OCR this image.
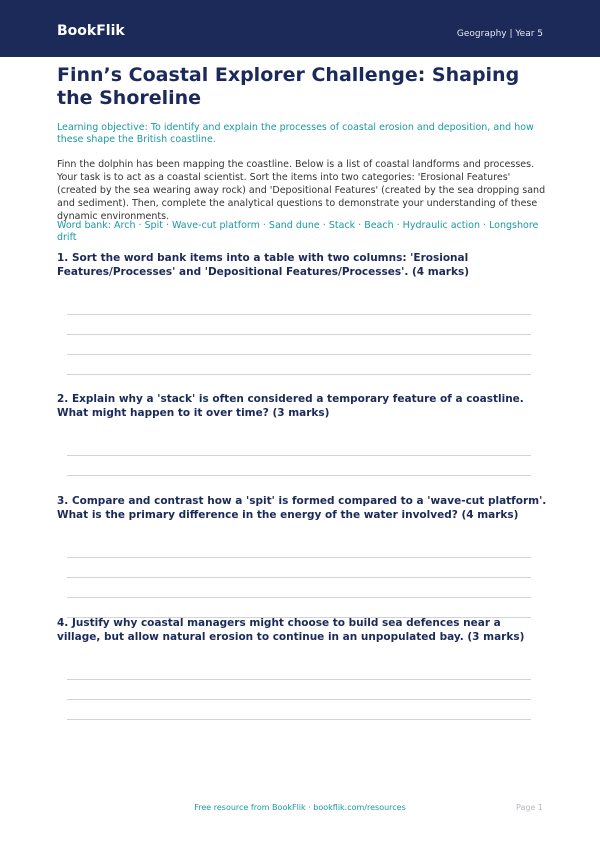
BookFlik	Geography | Year 5
Finn’s Coastal Explorer Challenge: Shaping the Shoreline

Learning objective: To identify and explain the processes of coastal erosion and deposition, and how these shape the British coastline.

Finn the dolphin has been mapping the coastline. Below is a list of coastal landforms and processes. Your task is to act as a coastal scientist. Sort the items into two categories: 'Erosional Features' (created by the sea wearing away rock) and 'Depositional Features' (created by the sea dropping sand and sediment). Then, complete the analytical questions to demonstrate your understanding of these dynamic environments.

Word bank: Arch · Spit · Wave-cut platform · Sand dune · Stack · Beach · Hydraulic action · Longshore drift

1. Sort the word bank items into a table with two columns: 'Erosional Features/Processes' and 'Depositional Features/Processes'. (4 marks)

2. Explain why a 'stack' is often considered a temporary feature of a coastline. What might happen to it over time? (3 marks)

3. Compare and contrast how a 'spit' is formed compared to a 'wave-cut platform'. What is the primary difference in the energy of the water involved? (4 marks)

4. Justify why coastal managers might choose to build sea defences near a village, but allow natural erosion to continue in an unpopulated bay. (3 marks)

Free resource from BookFlik · bookflik.com/resources	Page 1
